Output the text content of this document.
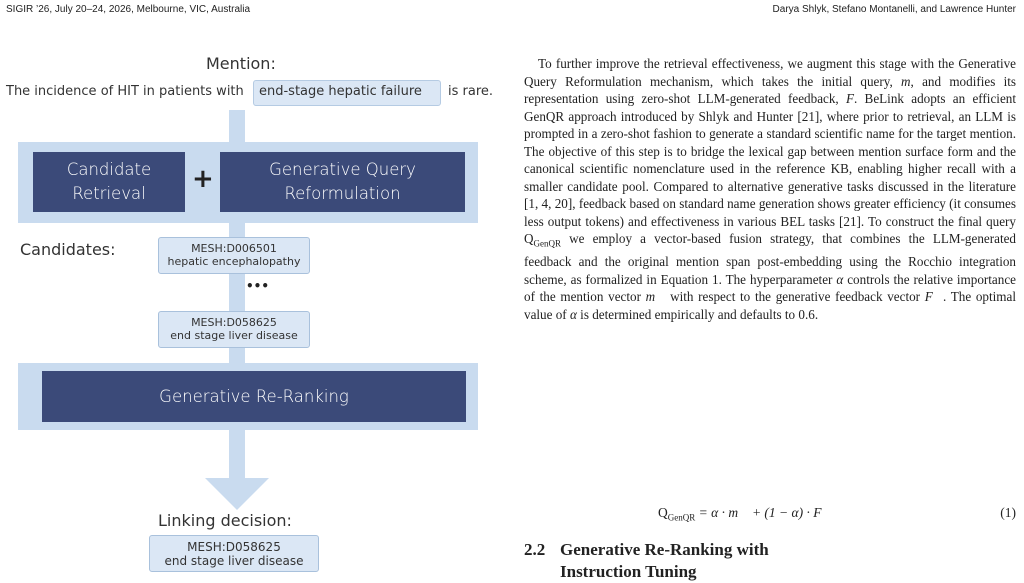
SIGIR ’26, July 20–24, 2026, Melbourne, VIC, Australia	Darya Shlyk, Stefano Montanelli, and Lawrence Hunter
Mention:
The incidence of HIT in patients with end-stage hepatic failure is rare.
Candidate Retrieval	+	Generative Query Reformulation
Candidates:	MESH:D006501
hepatic encephalopathy
•••
MESH:D058625
end stage liver disease
Generative Re-Ranking
Linking decision:
MESH:D058625
end stage liver disease

To further improve the retrieval effectiveness, we augment this stage with the Generative Query Reformulation mechanism, which takes the initial query, m, and modifies its representation using zero-shot LLM-generated feedback, F. BeLink adopts an efficient GenQR approach introduced by Shlyk and Hunter [21], where prior to retrieval, an LLM is prompted in a zero-shot fashion to generate a standard scientific name for the target mention. The objective of this step is to bridge the lexical gap between mention surface form and the canonical scientific nomenclature used in the reference KB, enabling higher recall with a smaller candidate pool. Compared to alternative generative tasks discussed in the literature [1, 4, 20], feedback based on standard name generation shows greater efficiency (it consumes less output tokens) and effectiveness in various BEL tasks [21]. To construct the final query $Q_{GenQR}$ we employ a vector-based fusion strategy, that combines the LLM-generated feedback and the original mention span post-embedding using the Rocchio integration scheme, as formalized in Equation 1. The hyperparameter α controls the relative importance of the mention vector m⃗ with respect to the generative feedback vector F⃗. The optimal value of α is determined empirically and defaults to 0.6.

$Q_{GenQR} = \alpha$ · m⃗ + (1 − α) · F⃗	(1)
2.2 Generative Re-Ranking with
Instruction Tuning
